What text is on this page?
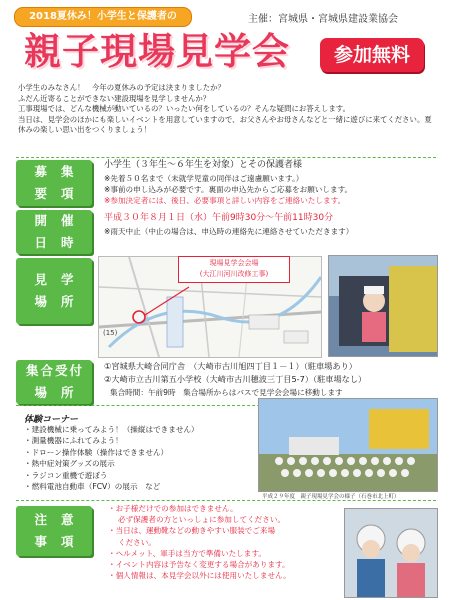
2018夏休み！小学生と保護者の	主催：宮城県・宮城県建設業協会
親子現場見学会	参加無料

小学生のみなさん！　今年の夏休みの予定は決まりましたか？

ふだん近寄ることができない建設現場を見学しませんか？

工事現場では、どんな機械が動いているの？いったい何をしているの？そんな疑問にお答えします。

当日は、見学会のほかにも楽しいイベントを用意していますので、お父さんやお母さんなどと一緒に遊びに来てください。夏休みの楽しい思い出をつくりましょう！

募集
要項
小学生（３年生～６年生を対象）とその保護者様
※先着５０名まで（未就学児童の同伴はご遠慮願います。）
※事前の申し込みが必要です。裏面の申込先からご応募をお願いします。
※参加決定者には、後日、必要事項と詳しい内容をご連絡いたします。
開催
日時
平成３０年８月１日（水）午前9時30分～午前11時30分
※雨天中止（中止の場合は、申込時の連絡先に連絡させていただきます）
見学
場所
(15)
現場見学会会場
(大江川河川改修工事)
集合受付
場所
①宮城県大崎合同庁舎　（大崎市古川旭四丁目１－１）（駐車場あり）
②大崎市立古川第五小学校（大崎市古川穂波三丁目5-7）（駐車場なし）
集合時間：午前9時　集合場所からはバスで見学会会場に移動します
体験コーナー
・建設機械に乗ってみよう！（操縦はできません）
・測量機器にふれてみよう！
・ドローン操作体験（操作はできません）
・熱中症対策グッズの展示
・ラジコン重機で遊ぼう
・燃料電池自動車（FCV）の展示　など
平成２９年度　親子現場見学会の様子（石巻市北上町）
注意
事項
・お子様だけでの参加はできません。
必ず保護者の方といっしょに参加してください。
・当日は、運動靴などの動きやすい服装でご来場
ください。
・ヘルメット、軍手は当方で準備いたします。
・イベント内容は予告なく変更する場合があります。
・個人情報は、本見学会以外には使用いたしません。
